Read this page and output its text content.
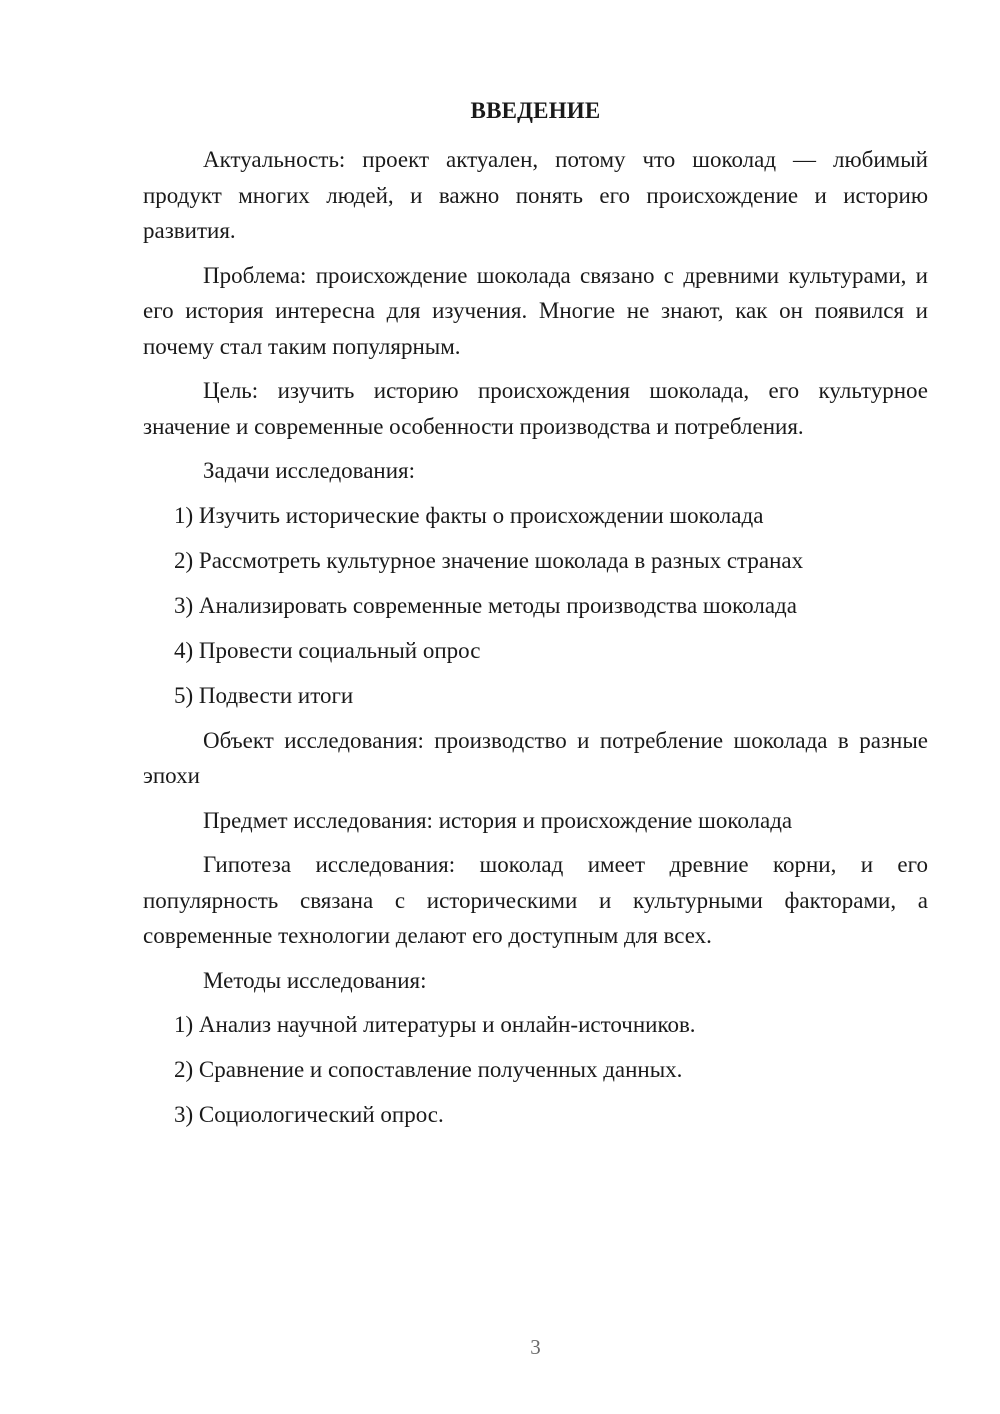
ВВЕДЕНИЕ

Актуальность: проект актуален, потому что шоколад — любимый продукт многих людей, и важно понять его происхождение и историю развития.

Проблема: происхождение шоколада связано с древними культурами, и его история интересна для изучения. Многие не знают, как он появился и почему стал таким популярным.

Цель: изучить историю происхождения шоколада, его культурное значение и современные особенности производства и потребления.

Задачи исследования:

1) Изучить исторические факты о происхождении шоколада
2) Рассмотреть культурное значение шоколада в разных странах
3) Анализировать современные методы производства шоколада
4) Провести социальный опрос
5) Подвести итоги

Объект исследования: производство и потребление шоколада в разные эпохи

Предмет исследования: история и происхождение шоколада

Гипотеза исследования: шоколад имеет древние корни, и его популярность связана с историческими и культурными факторами, а современные технологии делают его доступным для всех.

Методы исследования:

1) Анализ научной литературы и онлайн-источников.
2) Сравнение и сопоставление полученных данных.
3) Социологический опрос.
3
